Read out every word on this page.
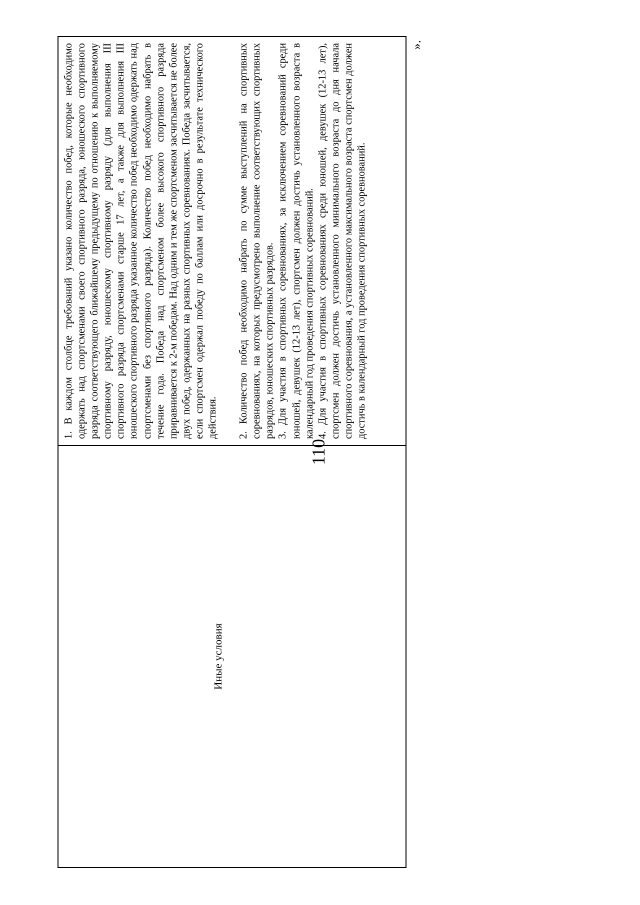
110
Иные условия

1. В каждом столбце требований указано количество побед, которые необходимо одержать над спортсменами своего спортивного разряда, юношеского спортивного разряда соответствующего ближайшему предыдущему по отношению к выполняемому спортивному разряду, юношескому спортивному разряду (для выполнения III спортивного разряда спортсменами старше 17 лет, а также для выполнения III юношеского спортивного разряда указанное количество побед необходимо одержать над спортсменами без спортивного разряда). Количество побед необходимо набрать в течение года. Победа над спортсменом более высокого спортивного разряда приравнивается к 2-м победам. Над одним и тем же спортсменом засчитывается не более двух побед, одержанных на разных спортивных соревнованиях. Победа засчитывается, если спортсмен одержал победу по баллам или досрочно в результате технического действия. 2. Количество побед необходимо набрать по сумме выступлений на спортивных соревнованиях, на которых предусмотрено выполнение соответствующих спортивных разрядов, юношеских спортивных разрядов. 3. Для участия в спортивных соревнованиях, за исключением соревнований среди юношей, девушек (12-13 лет), спортсмен должен достичь установленного возраста в календарный год проведения спортивных соревнований. 4. Для участия в спортивных соревнованиях среди юношей, девушек (12-13 лет), спортсмен должен достичь установленного минимального возраста до дня начала спортивного соревнования, а установленного максимального возраста спортсмен должен достичь в календарный год проведения спортивных соревнований.

».
